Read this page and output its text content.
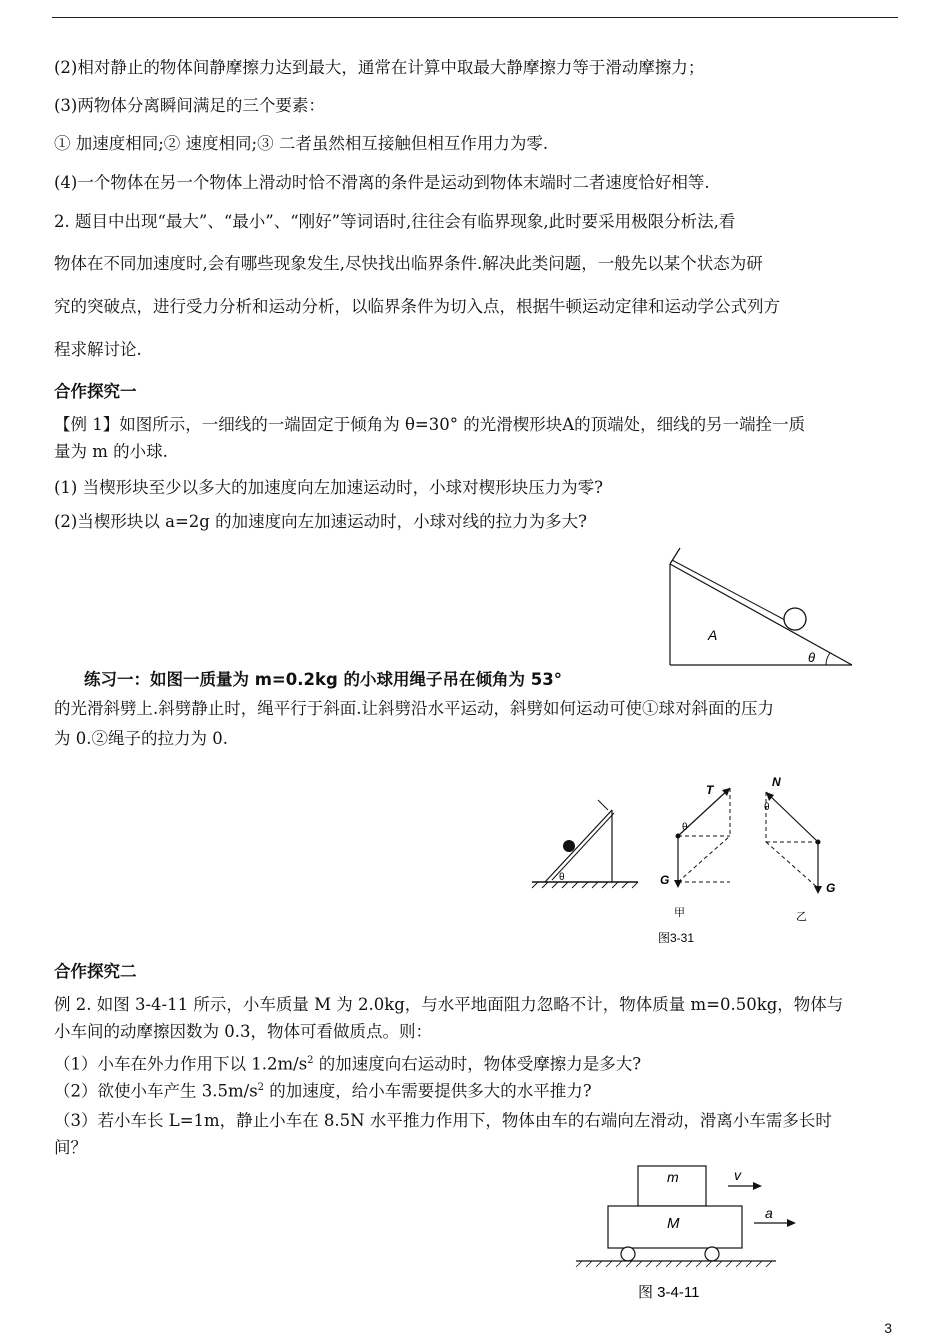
(2)相对静止的物体间静摩擦力达到最大，通常在计算中取最大静摩擦力等于滑动摩擦力；
(3)两物体分离瞬间满足的三个要素：
① 加速度相同;② 速度相同;③ 二者虽然相互接触但相互作用力为零.
(4)一个物体在另一个物体上滑动时恰不滑离的条件是运动到物体末端时二者速度恰好相等.
2. 题目中出现“最大”、“最小”、“刚好”等词语时,往往会有临界现象,此时要采用极限分析法,看
物体在不同加速度时,会有哪些现象发生,尽快找出临界条件.解决此类问题，一般先以某个状态为研
究的突破点，进行受力分析和运动分析，以临界条件为切入点，根据牛顿运动定律和运动学公式列方
程求解讨论.
合作探究一
【例 1】如图所示，一细线的一端固定于倾角为 θ=30° 的光滑楔形块A的顶端处，细线的另一端拴一质
量为 m 的小球.
(1) 当楔形块至少以多大的加速度向左加速运动时，小球对楔形块压力为零?
(2)当楔形块以 a=2g 的加速度向左加速运动时，小球对线的拉力为多大?
A
θ
练习一：如图一质量为 m=0.2kg 的小球用绳子吊在倾角为 53°
的光滑斜劈上.斜劈静止时，绳平行于斜面.让斜劈沿水平运动，斜劈如何运动可使①球对斜面的压力
为 0.②绳子的拉力为 0.
θ
T
θ
G
甲
图3-31
N
θ
G
乙
合作探究二
例 2. 如图 3-4-11 所示，小车质量 M 为 2.0kg，与水平地面阻力忽略不计，物体质量 m=0.50kg，物体与
小车间的动摩擦因数为 0.3，物体可看做质点。则：
（1）小车在外力作用下以 $1.2m/s^2$ 的加速度向右运动时，物体受摩擦力是多大?
（2）欲使小车产生 $3.5m/s^2$ 的加速度，给小车需要提供多大的水平推力?
（3）若小车长 L=1m，静止小车在 8.5N 水平推力作用下，物体由车的右端向左滑动，滑离小车需多长时
间？
m
M
v
a
图 3-4-11
3
